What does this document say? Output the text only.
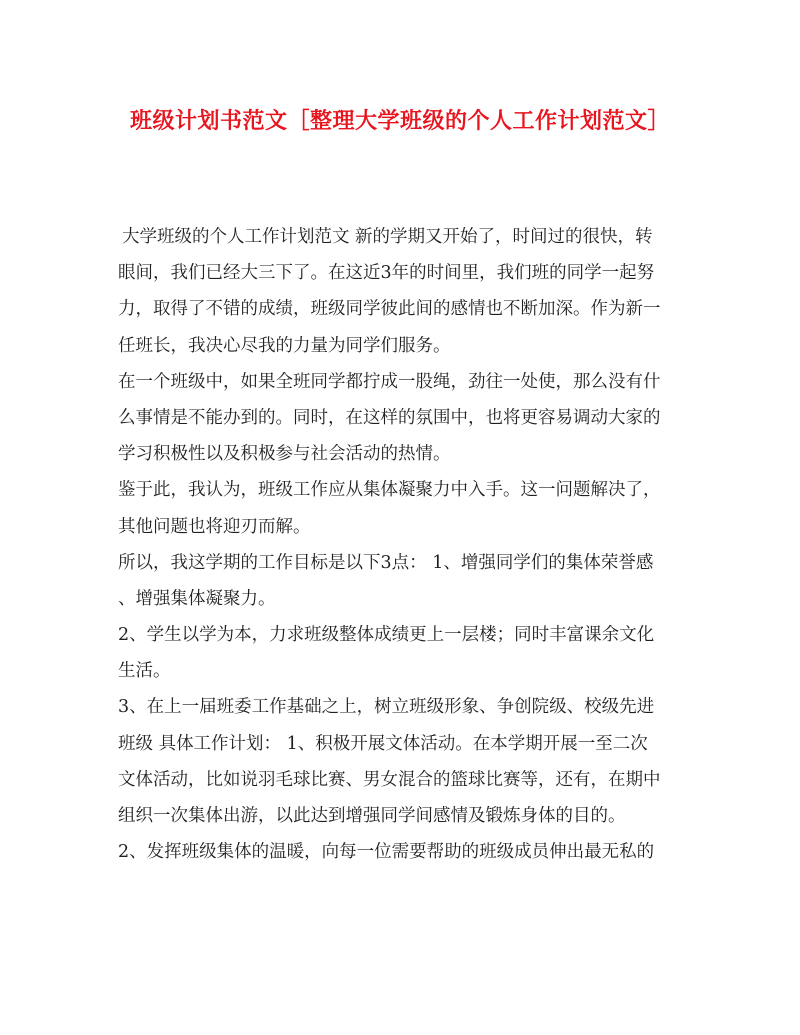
班级计划书范文［整理大学班级的个人工作计划范文］
大学班级的个人工作计划范文 新的学期又开始了，时间过的很快，转
眼间，我们已经大三下了。在这近3年的时间里，我们班的同学一起努
力，取得了不错的成绩，班级同学彼此间的感情也不断加深。作为新一
任班长，我决心尽我的力量为同学们服务。
在一个班级中，如果全班同学都拧成一股绳，劲往一处使，那么没有什
么事情是不能办到的。同时，在这样的氛围中，也将更容易调动大家的
学习积极性以及积极参与社会活动的热情。
鉴于此，我认为，班级工作应从集体凝聚力中入手。这一问题解决了，
其他问题也将迎刃而解。
所以，我这学期的工作目标是以下3点： 1、增强同学们的集体荣誉感
、增强集体凝聚力。
2、学生以学为本，力求班级整体成绩更上一层楼；同时丰富课余文化
生活。
3、在上一届班委工作基础之上，树立班级形象、争创院级、校级先进
班级 具体工作计划： 1、积极开展文体活动。在本学期开展一至二次
文体活动，比如说羽毛球比赛、男女混合的篮球比赛等，还有，在期中
组织一次集体出游，以此达到增强同学间感情及锻炼身体的目的。
2、发挥班级集体的温暖，向每一位需要帮助的班级成员伸出最无私的
